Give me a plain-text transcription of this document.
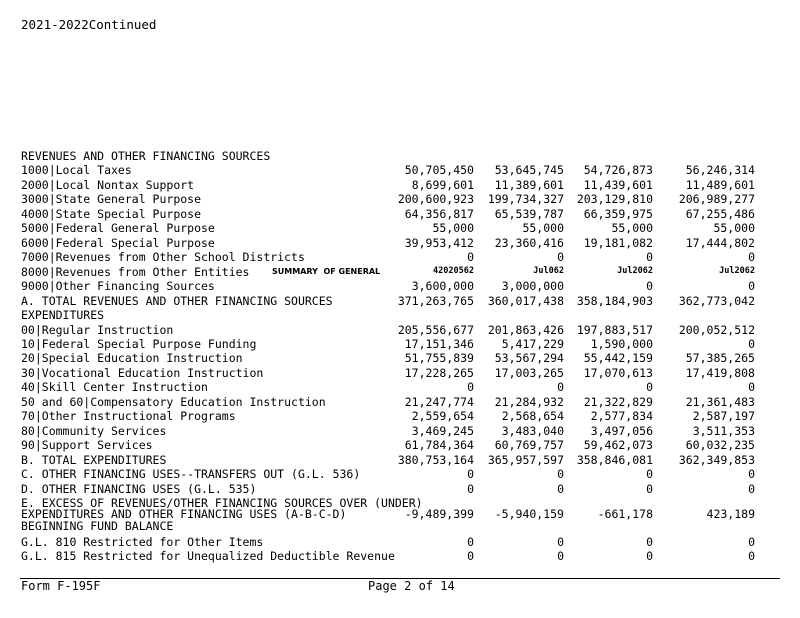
2021-2022Continued
REVENUES AND OTHER FINANCING SOURCES
1000|Local Taxes	50,705,450 53,645,745 54,726,873	56,246,314
2000|Local Nontax Support	8,699,601 11,389,601 11,439,601	11,489,601
3000|State General Purpose	200,600,923 199,734,327 203,129,810 206,989,277
4000|State Special Purpose	64,356,817 65,539,787 66,359,975	67,255,486
5000|Federal General Purpose	55,000	55,000	55,000	55,000
6000|Federal Special Purpose	39,953,412 23,360,416 19,181,082	17,444,802
7000|Revenues from Other School Districts	0	0	0	0
8000|Revenues from Other Entities
9000|Other Financing Sources	3,600,000 3,000,000	0	0
A. TOTAL REVENUES AND OTHER FINANCING SOURCES	371,263,765 360,017,438 358,184,903 362,773,042
EXPENDITURES
00|Regular Instruction	205,556,677 201,863,426 197,883,517 200,052,512
10|Federal Special Purpose Funding	17,151,346 5,417,229 1,590,000	0
20|Special Education Instruction	51,755,839 53,567,294 55,442,159	57,385,265
30|Vocational Education Instruction	17,228,265 17,003,265 17,070,613	17,419,808
40|Skill Center Instruction	0	0	0	0
50 and 60|Compensatory Education Instruction	21,247,774 21,284,932 21,322,829	21,361,483
70|Other Instructional Programs	2,559,654 2,568,654 2,577,834	2,587,197
80|Community Services	3,469,245 3,483,040 3,497,056	3,511,353
90|Support Services	61,784,364 60,769,757 59,462,073	60,032,235
B. TOTAL EXPENDITURES	380,753,164 365,957,597 358,846,081 362,349,853
C. OTHER FINANCING USES--TRANSFERS OUT (G.L. 536)	0	0	0	0
D. OTHER FINANCING USES (G.L. 535)	0	0	0	0
E. EXCESS OF REVENUES/OTHER FINANCING SOURCES OVER (UNDER)
EXPENDITURES AND OTHER FINANCING USES (A-B-C-D)	-9,489,399 -5,940,159	-661,178	423,189
BEGINNING FUND BALANCE
G.L. 810 Restricted for Other Items	0	0	0	0
G.L. 815 Restricted for Unequalized Deductible Revenue	0	0	0	0
SUMMARY  OF GENERAL	42020562	Jul062	Jul2062	Jul2062
Form F-195F	Page 2 of 14
